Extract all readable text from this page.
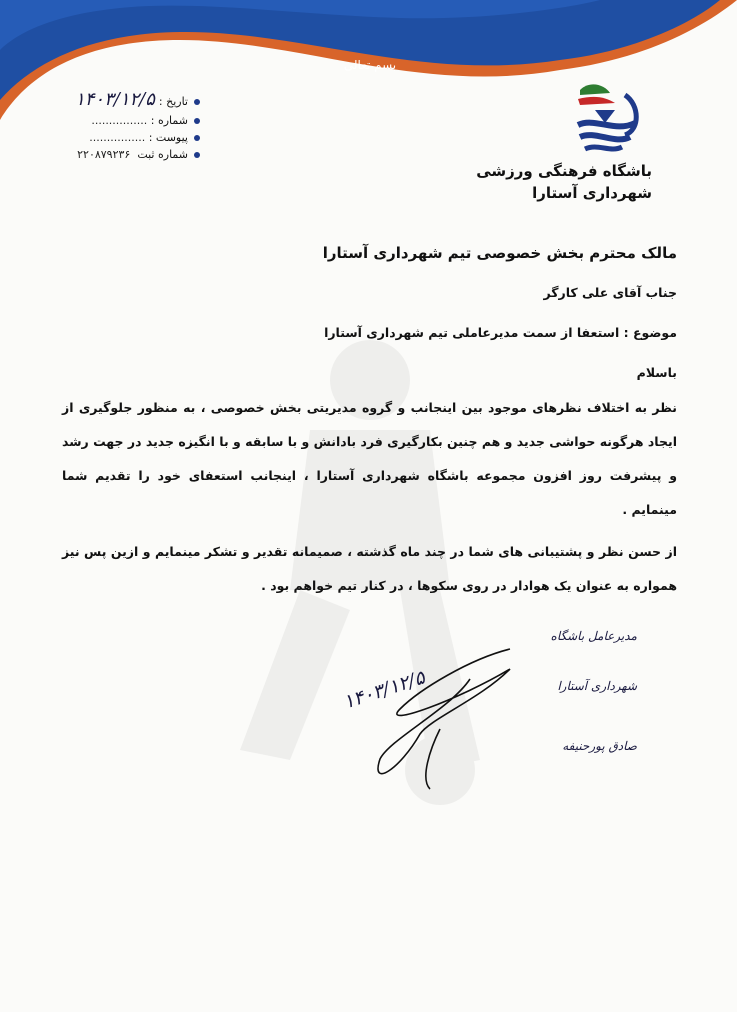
بسم تعالی
تاریخ :۱۴۰۳/۱۲/۵
شماره : ................
پیوست : ................
شماره ثبت  ۲۲۰۸۷۹۲۳۶
باشگاه فرهنگی ورزشی
شهرداری آستارا
مالک محترم بخش خصوصی تیم شهرداری آستارا
جناب آقای علی کارگر
موضوع : استعفا از سمت مدیرعاملی تیم شهرداری آستارا
باسلام
نظر به اختلاف نظرهای موجود بین اینجانب و گروه مدیریتی بخش خصوصی ، به منظور جلوگیری از ایجاد هرگونه حواشی جدید و هم چنین بکارگیری فرد بادانش و با سابقه و با انگیزه جدید در جهت رشد و پیشرفت روز افزون مجموعه باشگاه شهرداری آستارا ، اینجانب استعفای خود را تقدیم شما مینمایم .
از حسن نظر و پشتیبانی های شما در چند ماه گذشته ، صمیمانه تقدیر و تشکر مینمایم و ازین پس نیز همواره به عنوان یک هوادار در روی سکوها ، در کنار تیم خواهم بود .
مدیرعامل باشگاه
شهرداری آستارا
صادق پورحنیفه
۱۴۰۳/۱۲/۵
